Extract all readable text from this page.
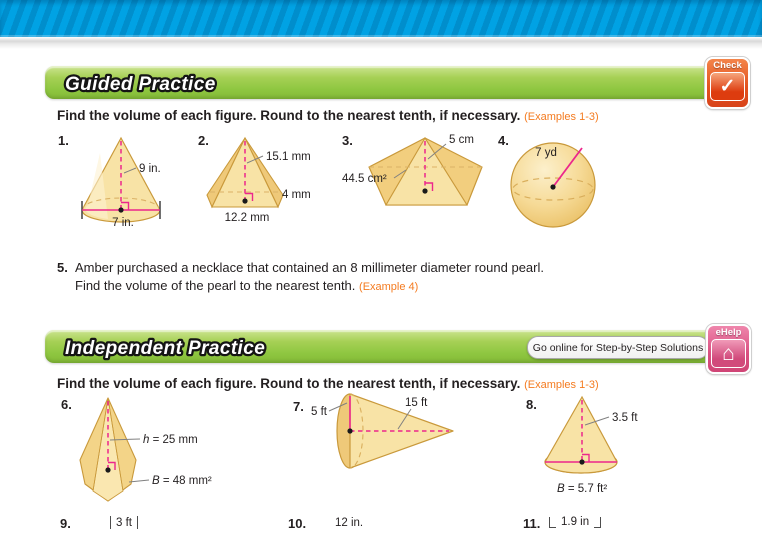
Guided Practice
Check
✓
Find the volume of each figure. Round to the nearest tenth, if necessary. (Examples 1-3)
1.	2.	3.	4.
9 in.
7 in.
15.1 mm
4 mm
12.2 mm
5 cm
44.5 cm²
7 yd
5. Amber purchased a necklace that contained an 8 millimeter diameter round pearl.
Find the volume of the pearl to the nearest tenth. (Example 4)
Independent Practice	Go online for Step-by-Step Solutions
eHelp
⌂
Find the volume of each figure. Round to the nearest tenth, if necessary. (Examples 1-3)
6.	7.	8.
h = 25 mm
B = 48 mm²
5 ft
15 ft
3.5 ft
B = 5.7 ft²
9.	3 ft	10.	12 in.	11. 1.9 in
